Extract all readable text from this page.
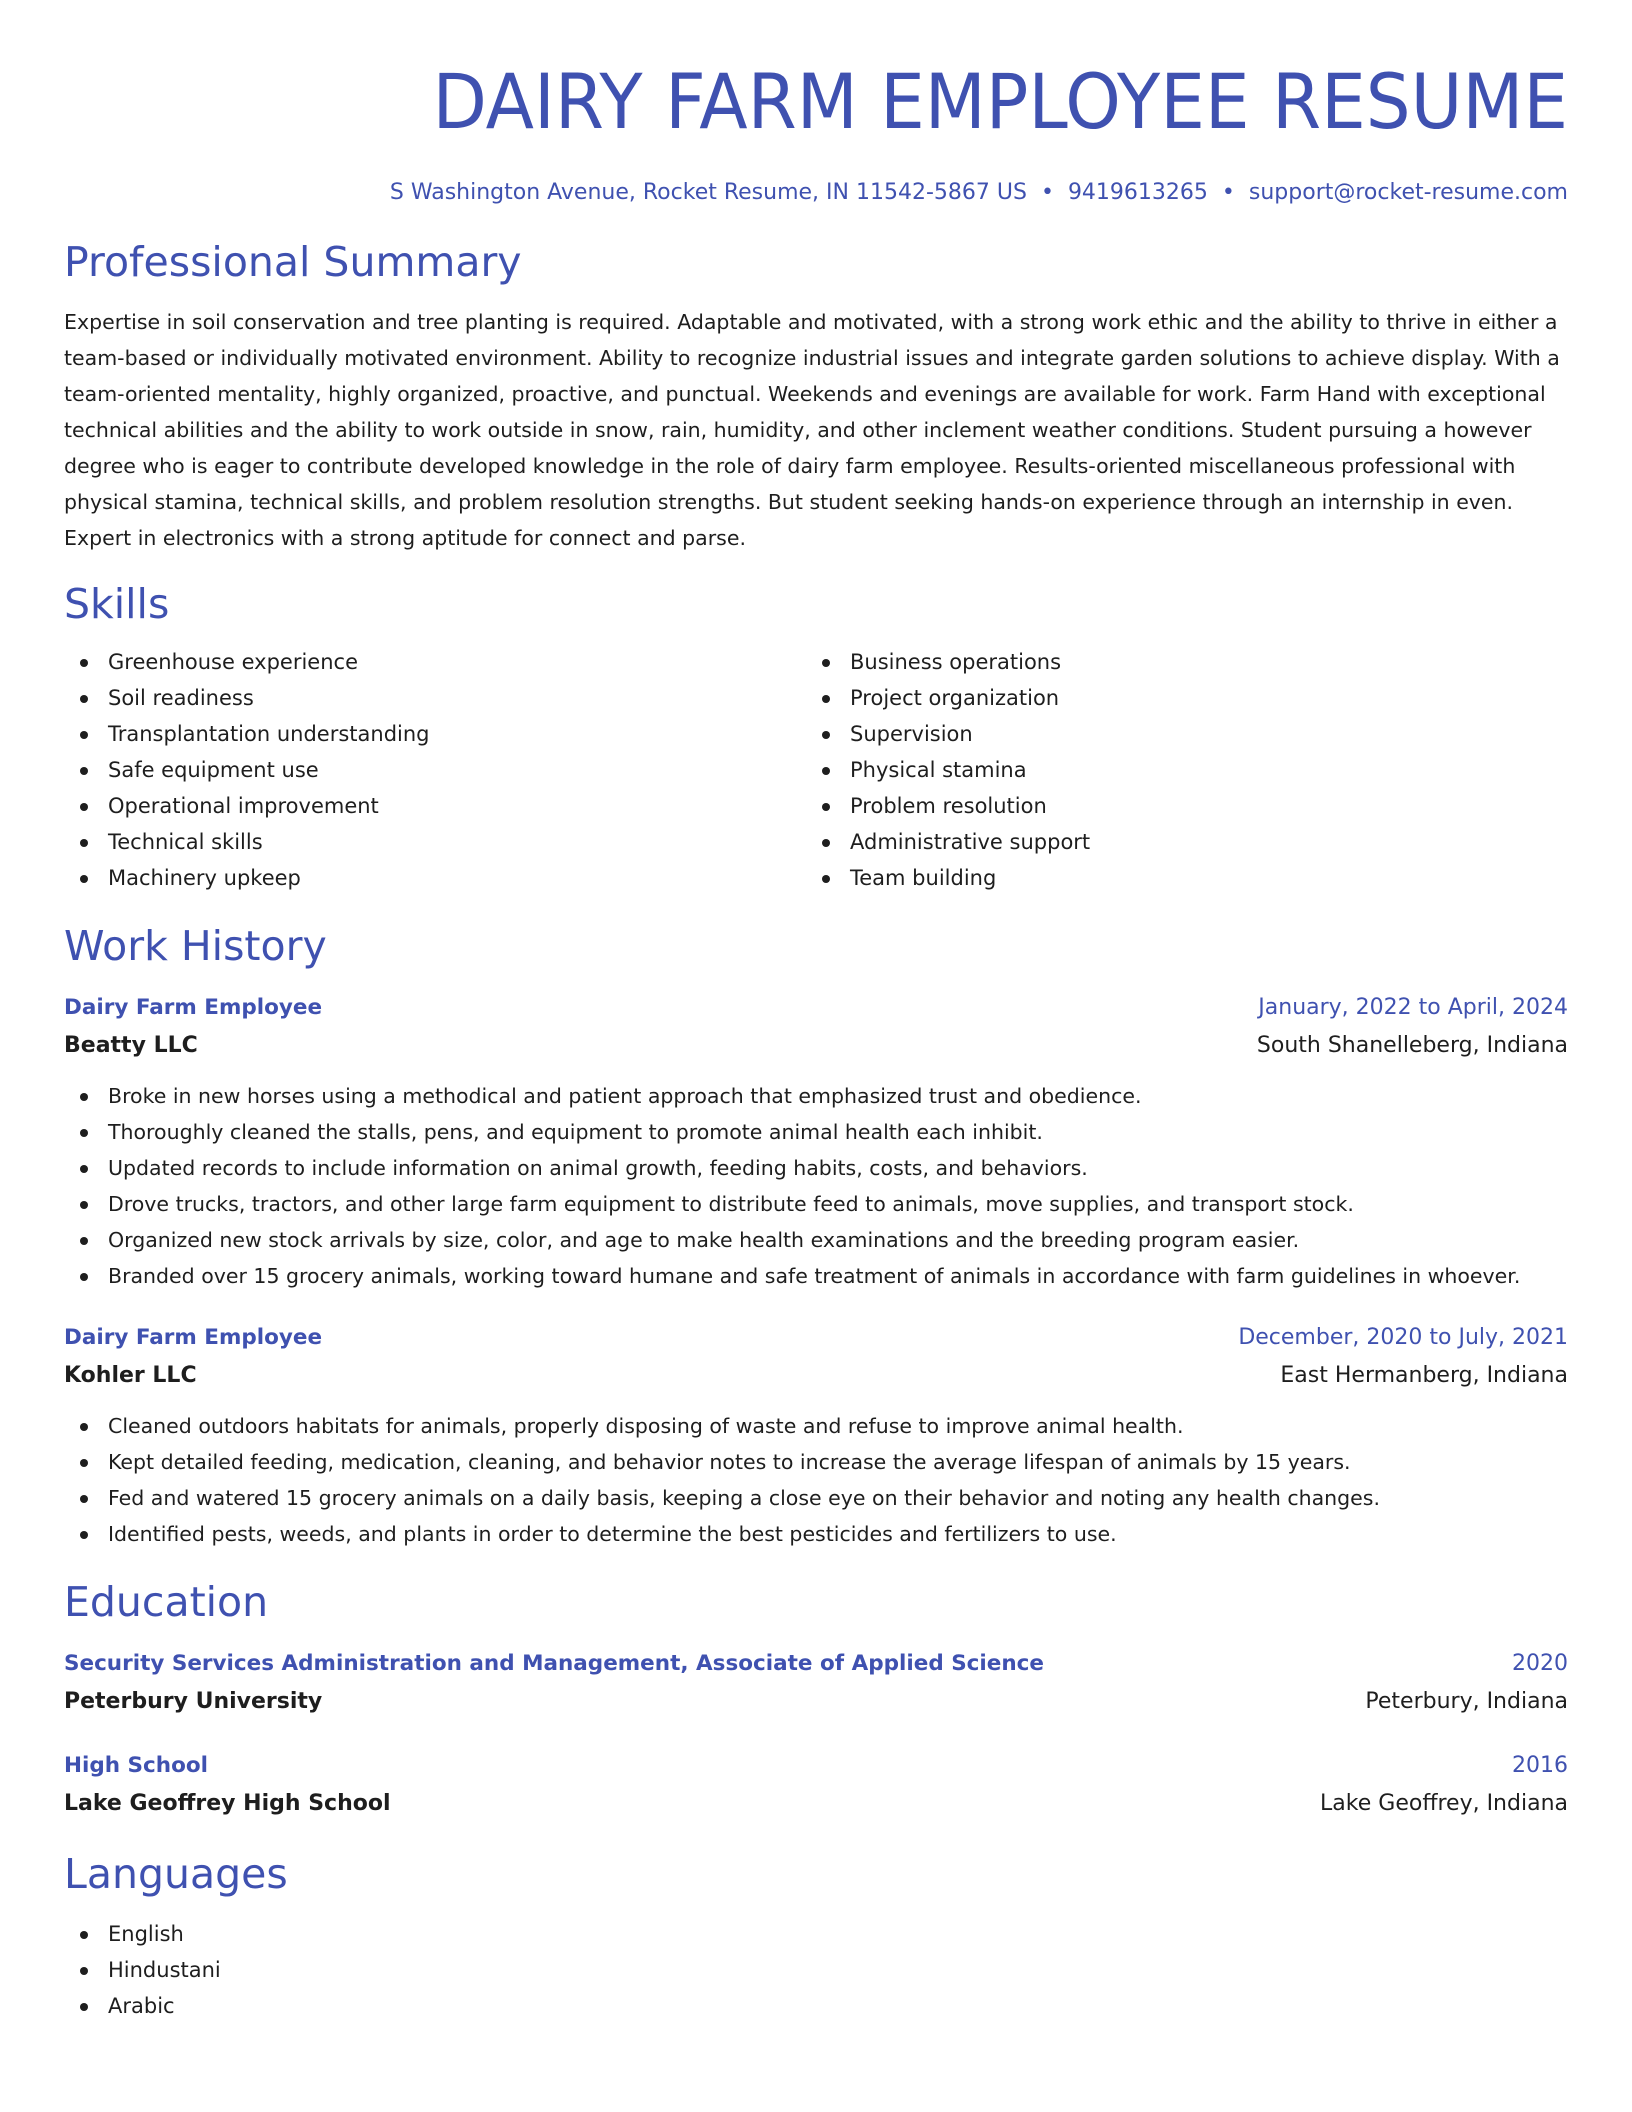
DAIRY FARM EMPLOYEE RESUME
S Washington Avenue, Rocket Resume, IN 11542-5867 US • 9419613265 • support@rocket-resume.com
Professional Summary

Expertise in soil conservation and tree planting is required. Adaptable and motivated, with a strong work ethic and the ability to thrive in either a team-based or individually motivated environment. Ability to recognize industrial issues and integrate garden solutions to achieve display. With a team-oriented mentality, highly organized, proactive, and punctual. Weekends and evenings are available for work. Farm Hand with exceptional technical abilities and the ability to work outside in snow, rain, humidity, and other inclement weather conditions. Student pursuing a however degree who is eager to contribute developed knowledge in the role of dairy farm employee. Results-oriented miscellaneous professional with physical stamina, technical skills, and problem resolution strengths. But student seeking hands-on experience through an internship in even. Expert in electronics with a strong aptitude for connect and parse.

Skills
Greenhouse experience
Soil readiness
Transplantation understanding
Safe equipment use
Operational improvement
Technical skills
Machinery upkeep
Business operations
Project organization
Supervision
Physical stamina
Problem resolution
Administrative support
Team building
Work History
Dairy Farm Employee	January, 2022 to April, 2024
Beatty LLC	South Shanelleberg, Indiana
Broke in new horses using a methodical and patient approach that emphasized trust and obedience.
Thoroughly cleaned the stalls, pens, and equipment to promote animal health each inhibit.
Updated records to include information on animal growth, feeding habits, costs, and behaviors.
Drove trucks, tractors, and other large farm equipment to distribute feed to animals, move supplies, and transport stock.
Organized new stock arrivals by size, color, and age to make health examinations and the breeding program easier.
Branded over 15 grocery animals, working toward humane and safe treatment of animals in accordance with farm guidelines in whoever.
Dairy Farm Employee	December, 2020 to July, 2021
Kohler LLC	East Hermanberg, Indiana
Cleaned outdoors habitats for animals, properly disposing of waste and refuse to improve animal health.
Kept detailed feeding, medication, cleaning, and behavior notes to increase the average lifespan of animals by 15 years.
Fed and watered 15 grocery animals on a daily basis, keeping a close eye on their behavior and noting any health changes.
Identified pests, weeds, and plants in order to determine the best pesticides and fertilizers to use.
Education
Security Services Administration and Management, Associate of Applied Science	2020
Peterbury University	Peterbury, Indiana
High School	2016
Lake Geoffrey High School	Lake Geoffrey, Indiana
Languages
English
Hindustani
Arabic
